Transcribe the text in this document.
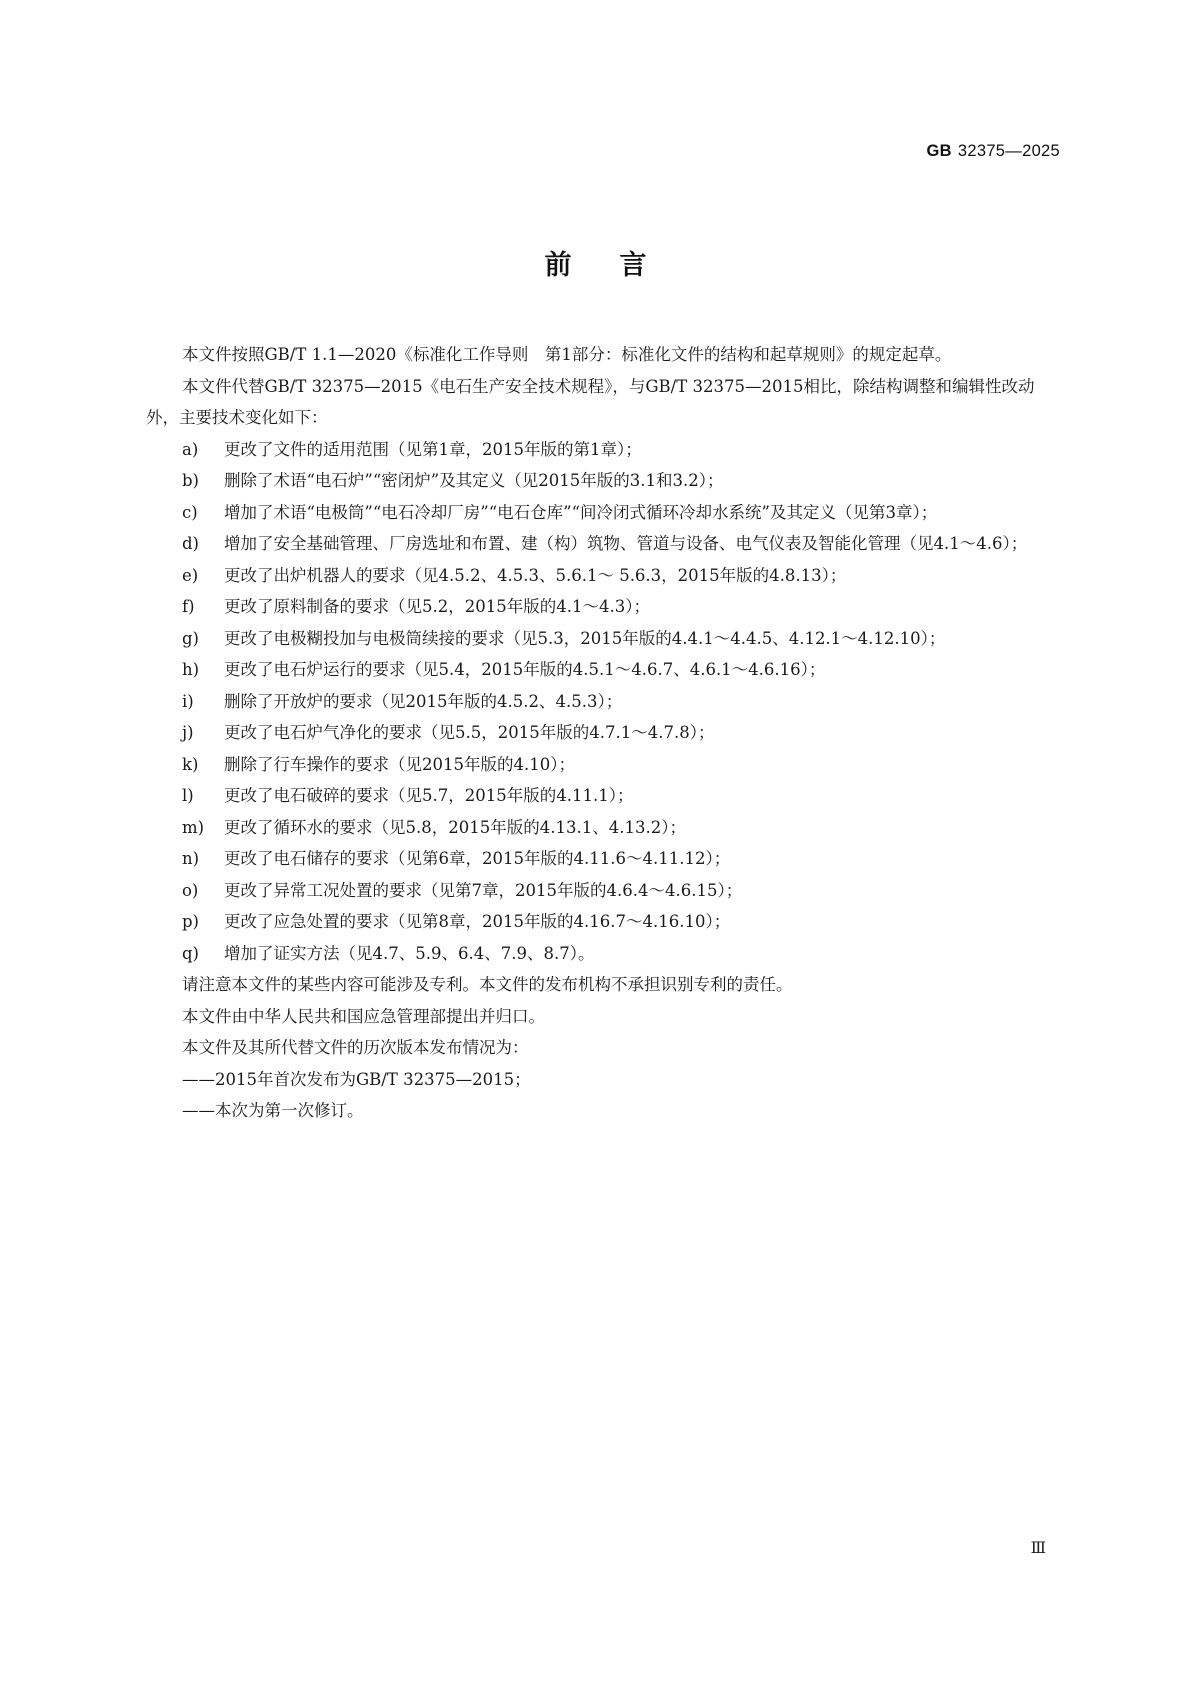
GB 32375—2025
前言

本文件按照GB/T 1.1—2020《标准化工作导则　第1部分：标准化文件的结构和起草规则》的规定起草。

本文件代替GB/T 32375—2015《电石生产安全技术规程》，与GB/T 32375—2015相比，除结构调整和编辑性改动外，主要技术变化如下：

a) 更改了文件的适用范围（见第1章，2015年版的第1章）；
b) 删除了术语“电石炉”“密闭炉”及其定义（见2015年版的3.1和3.2）；
c) 增加了术语“电极筒”“电石冷却厂房”“电石仓库”“间冷闭式循环冷却水系统”及其定义（见第3章）；
d) 增加了安全基础管理、厂房选址和布置、建（构）筑物、管道与设备、电气仪表及智能化管理（见4.1～4.6）；
e) 更改了出炉机器人的要求（见4.5.2、4.5.3、5.6.1～ 5.6.3，2015年版的4.8.13）；
f) 更改了原料制备的要求（见5.2，2015年版的4.1～4.3）；
g) 更改了电极糊投加与电极筒续接的要求（见5.3，2015年版的4.4.1～4.4.5、4.12.1～4.12.10）；
h) 更改了电石炉运行的要求（见5.4，2015年版的4.5.1～4.6.7、4.6.1～4.6.16）；
i) 删除了开放炉的要求（见2015年版的4.5.2、4.5.3）；
j) 更改了电石炉气净化的要求（见5.5，2015年版的4.7.1～4.7.8）；
k) 删除了行车操作的要求（见2015年版的4.10）；
l) 更改了电石破碎的要求（见5.7，2015年版的4.11.1）；
m) 更改了循环水的要求（见5.8，2015年版的4.13.1、4.13.2）；
n) 更改了电石储存的要求（见第6章，2015年版的4.11.6～4.11.12）；
o) 更改了异常工况处置的要求（见第7章，2015年版的4.6.4～4.6.15）；
p) 更改了应急处置的要求（见第8章，2015年版的4.16.7～4.16.10）；
q) 增加了证实方法（见4.7、5.9、6.4、7.9、8.7）。

请注意本文件的某些内容可能涉及专利。本文件的发布机构不承担识别专利的责任。

本文件由中华人民共和国应急管理部提出并归口。

本文件及其所代替文件的历次版本发布情况为：

——2015年首次发布为GB/T 32375—2015；

——本次为第一次修订。

Ⅲ
